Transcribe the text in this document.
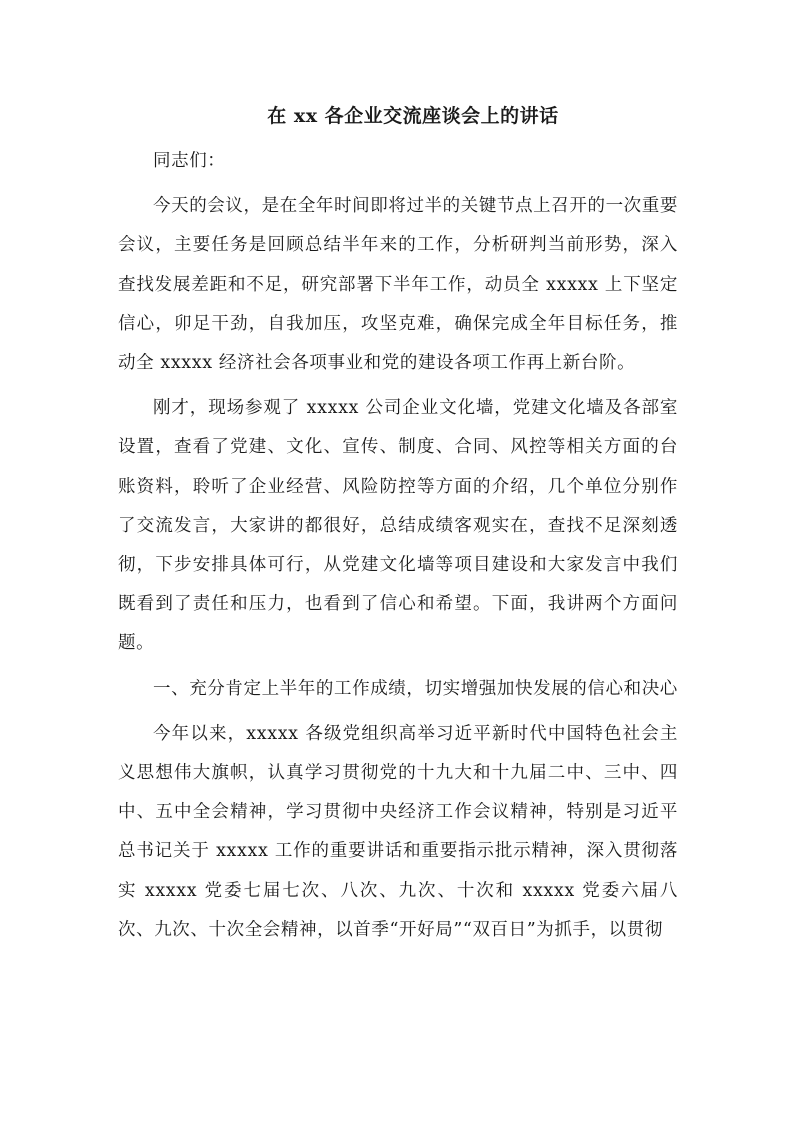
在 xx 各企业交流座谈会上的讲话

同志们：

今天的会议，是在全年时间即将过半的关键节点上召开的一次重要会议，主要任务是回顾总结半年来的工作，分析研判当前形势，深入查找发展差距和不足，研究部署下半年工作，动员全 xxxxx 上下坚定信心，卯足干劲，自我加压，攻坚克难，确保完成全年目标任务，推动全 xxxxx 经济社会各项事业和党的建设各项工作再上新台阶。

刚才，现场参观了 xxxxx 公司企业文化墙，党建文化墙及各部室设置，查看了党建、文化、宣传、制度、合同、风控等相关方面的台账资料，聆听了企业经营、风险防控等方面的介绍，几个单位分别作了交流发言，大家讲的都很好，总结成绩客观实在，查找不足深刻透彻，下步安排具体可行，从党建文化墙等项目建设和大家发言中我们既看到了责任和压力，也看到了信心和希望。下面，我讲两个方面问题。

一、充分肯定上半年的工作成绩，切实增强加快发展的信心和决心

今年以来，xxxxx 各级党组织高举习近平新时代中国特色社会主义思想伟大旗帜，认真学习贯彻党的十九大和十九届二中、三中、四中、五中全会精神，学习贯彻中央经济工作会议精神，特别是习近平总书记关于 xxxxx 工作的重要讲话和重要指示批示精神，深入贯彻落实 xxxxx 党委七届七次、八次、九次、十次和 xxxxx 党委六届八次、九次、十次全会精神，以首季“开好局”“双百日”为抓手，以贯彻
